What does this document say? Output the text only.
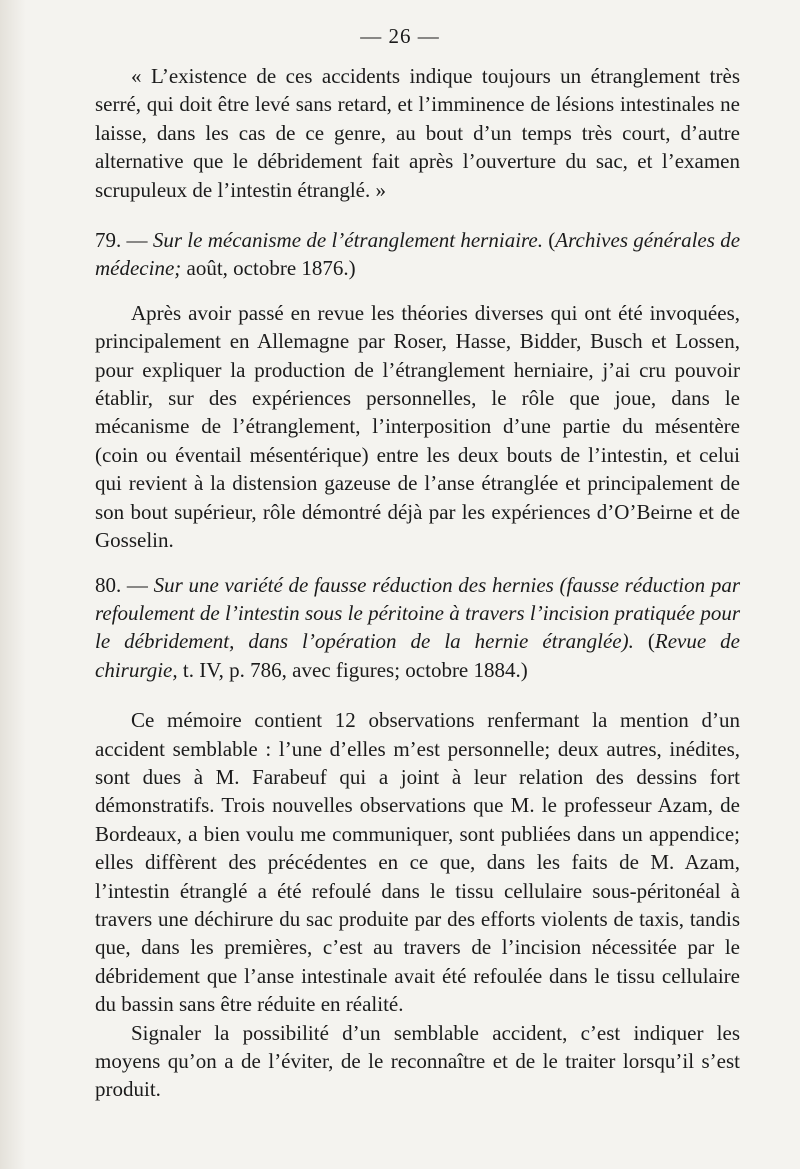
— 26 —

« L’existence de ces accidents indique toujours un étranglement très serré, qui doit être levé sans retard, et l’imminence de lésions intestinales ne laisse, dans les cas de ce genre, au bout d’un temps très court, d’autre alternative que le débridement fait après l’ouverture du sac, et l’examen scrupuleux de l’intestin étranglé. »

79. — Sur le mécanisme de l’étranglement herniaire. (Archives générales de médecine; août, octobre 1876.)

Après avoir passé en revue les théories diverses qui ont été invoquées, principalement en Allemagne par Roser, Hasse, Bidder, Busch et Lossen, pour expliquer la production de l’étranglement herniaire, j’ai cru pouvoir établir, sur des expériences personnelles, le rôle que joue, dans le mécanisme de l’étranglement, l’interposition d’une partie du mésentère (coin ou éventail mésentérique) entre les deux bouts de l’intestin, et celui qui revient à la distension gazeuse de l’anse étranglée et principalement de son bout supérieur, rôle démontré déjà par les expériences d’O’Beirne et de Gosselin.

80. — Sur une variété de fausse réduction des hernies (fausse réduction par refoulement de l’intestin sous le péritoine à travers l’incision pratiquée pour le débridement, dans l’opération de la hernie étranglée). (Revue de chirurgie, t. IV, p. 786, avec figures; octobre 1884.)

Ce mémoire contient 12 observations renfermant la mention d’un accident semblable : l’une d’elles m’est personnelle; deux autres, inédites, sont dues à M. Farabeuf qui a joint à leur relation des dessins fort démonstratifs. Trois nouvelles observations que M. le professeur Azam, de Bordeaux, a bien voulu me communiquer, sont publiées dans un appendice; elles diffèrent des précédentes en ce que, dans les faits de M. Azam, l’intestin étranglé a été refoulé dans le tissu cellulaire sous-péritonéal à travers une déchirure du sac produite par des efforts violents de taxis, tandis que, dans les premières, c’est au travers de l’incision nécessitée par le débridement que l’anse intestinale avait été refoulée dans le tissu cellulaire du bassin sans être réduite en réalité.

Signaler la possibilité d’un semblable accident, c’est indiquer les moyens qu’on a de l’éviter, de le reconnaître et de le traiter lorsqu’il s’est produit.
